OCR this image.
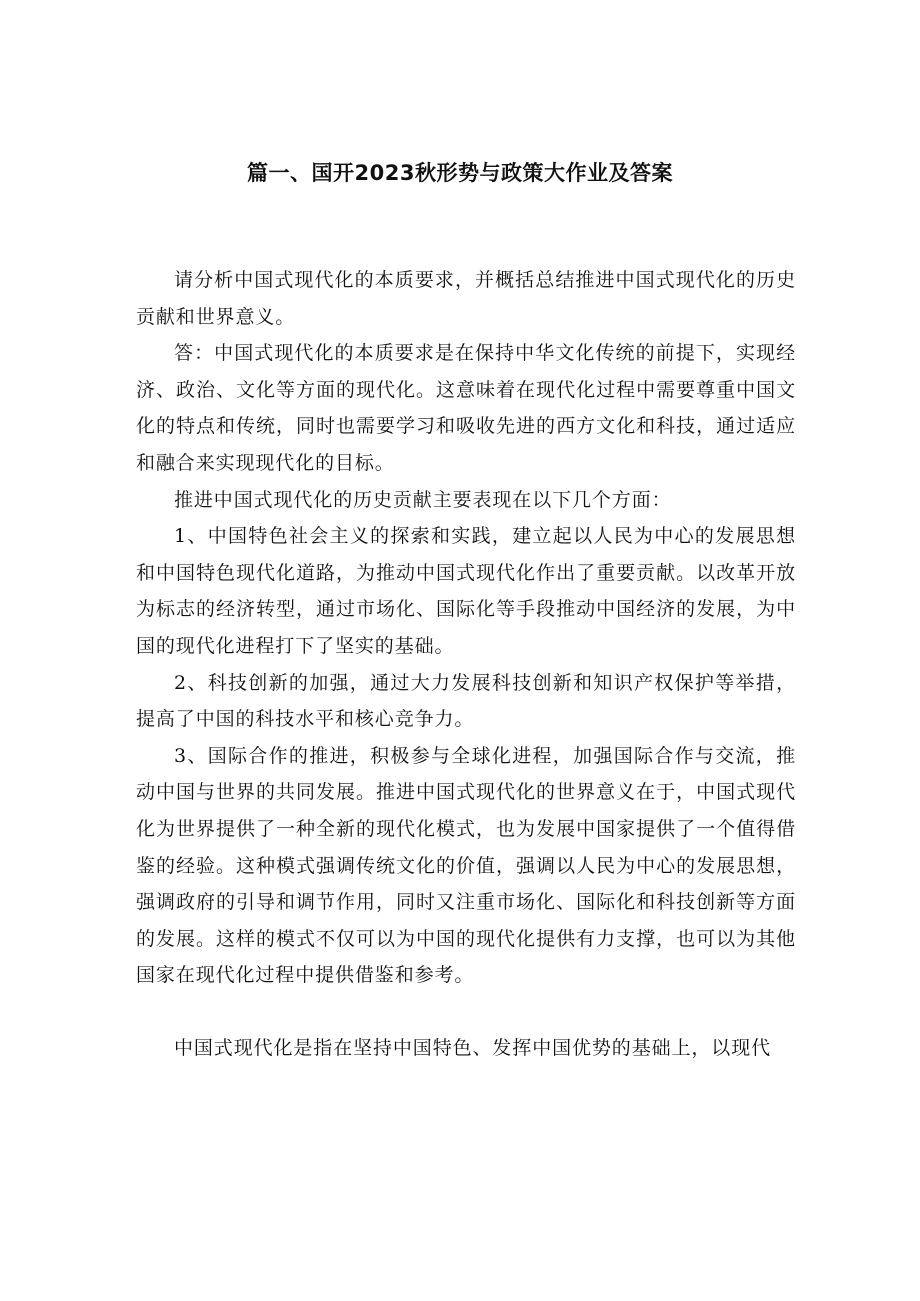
篇一、国开2023秋形势与政策大作业及答案

请分析中国式现代化的本质要求，并概括总结推进中国式现代化的历史贡献和世界意义。

答：中国式现代化的本质要求是在保持中华文化传统的前提下，实现经济、政治、文化等方面的现代化。这意味着在现代化过程中需要尊重中国文化的特点和传统，同时也需要学习和吸收先进的西方文化和科技，通过适应和融合来实现现代化的目标。

推进中国式现代化的历史贡献主要表现在以下几个方面：

1、中国特色社会主义的探索和实践，建立起以人民为中心的发展思想和中国特色现代化道路，为推动中国式现代化作出了重要贡献。以改革开放为标志的经济转型，通过市场化、国际化等手段推动中国经济的发展，为中国的现代化进程打下了坚实的基础。

2、科技创新的加强，通过大力发展科技创新和知识产权保护等举措，提高了中国的科技水平和核心竞争力。

3、国际合作的推进，积极参与全球化进程，加强国际合作与交流，推动中国与世界的共同发展。推进中国式现代化的世界意义在于，中国式现代化为世界提供了一种全新的现代化模式，也为发展中国家提供了一个值得借鉴的经验。这种模式强调传统文化的价值，强调以人民为中心的发展思想，强调政府的引导和调节作用，同时又注重市场化、国际化和科技创新等方面的发展。这样的模式不仅可以为中国的现代化提供有力支撑，也可以为其他国家在现代化过程中提供借鉴和参考。

中国式现代化是指在坚持中国特色、发挥中国优势的基础上，以现代
